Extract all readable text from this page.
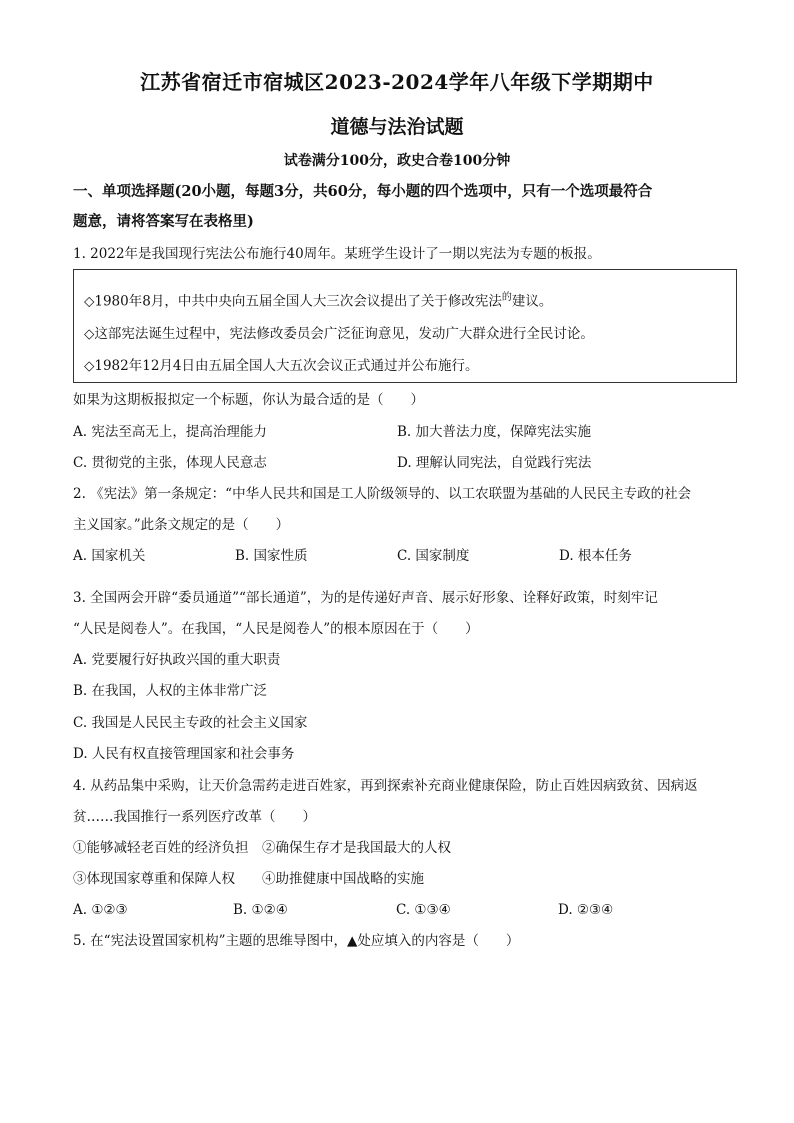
江苏省宿迁市宿城区2023-2024学年八年级下学期期中
道德与法治试题
试卷满分100分，政史合卷100分钟
一、单项选择题(20小题，每题3分，共60分，每小题的四个选项中，只有一个选项最符合
题意，请将答案写在表格里)
1. 2022年是我国现行宪法公布施行40周年。某班学生设计了一期以宪法为专题的板报。
◇1980年8月，中共中央向五届全国人大三次会议提出了关于修改宪法$^的$建议。
◇这部宪法诞生过程中，宪法修改委员会广泛征询意见，发动广大群众进行全民讨论。
◇1982年12月4日由五届全国人大五次会议正式通过并公布施行。
如果为这期板报拟定一个标题，你认为最合适的是（　　）
A. 宪法至高无上，提高治理能力	B. 加大普法力度，保障宪法实施
C. 贯彻党的主张，体现人民意志	D. 理解认同宪法，自觉践行宪法
2. 《宪法》第一条规定：“中华人民共和国是工人阶级领导的、以工农联盟为基础的人民民主专政的社会
主义国家。”此条文规定的是（　　）
A. 国家机关	B. 国家性质	C. 国家制度	D. 根本任务
3. 全国两会开辟“委员通道”“部长通道”，为的是传递好声音、展示好形象、诠释好政策，时刻牢记
“人民是阅卷人”。在我国，“人民是阅卷人”的根本原因在于（　　）
A. 党要履行好执政兴国的重大职责
B. 在我国，人权的主体非常广泛
C. 我国是人民民主专政的社会主义国家
D. 人民有权直接管理国家和社会事务
4. 从药品集中采购，让天价急需药走进百姓家，再到探索补充商业健康保险，防止百姓因病致贫、因病返
贫……我国推行一系列医疗改革（　　）
①能够减轻老百姓的经济负担　②确保生存才是我国最大的人权
③体现国家尊重和保障人权　　④助推健康中国战略的实施
A. ①②③	B. ①②④	C. ①③④	D. ②③④
5. 在“宪法设置国家机构”主题的思维导图中，▲处应填入的内容是（　　）
